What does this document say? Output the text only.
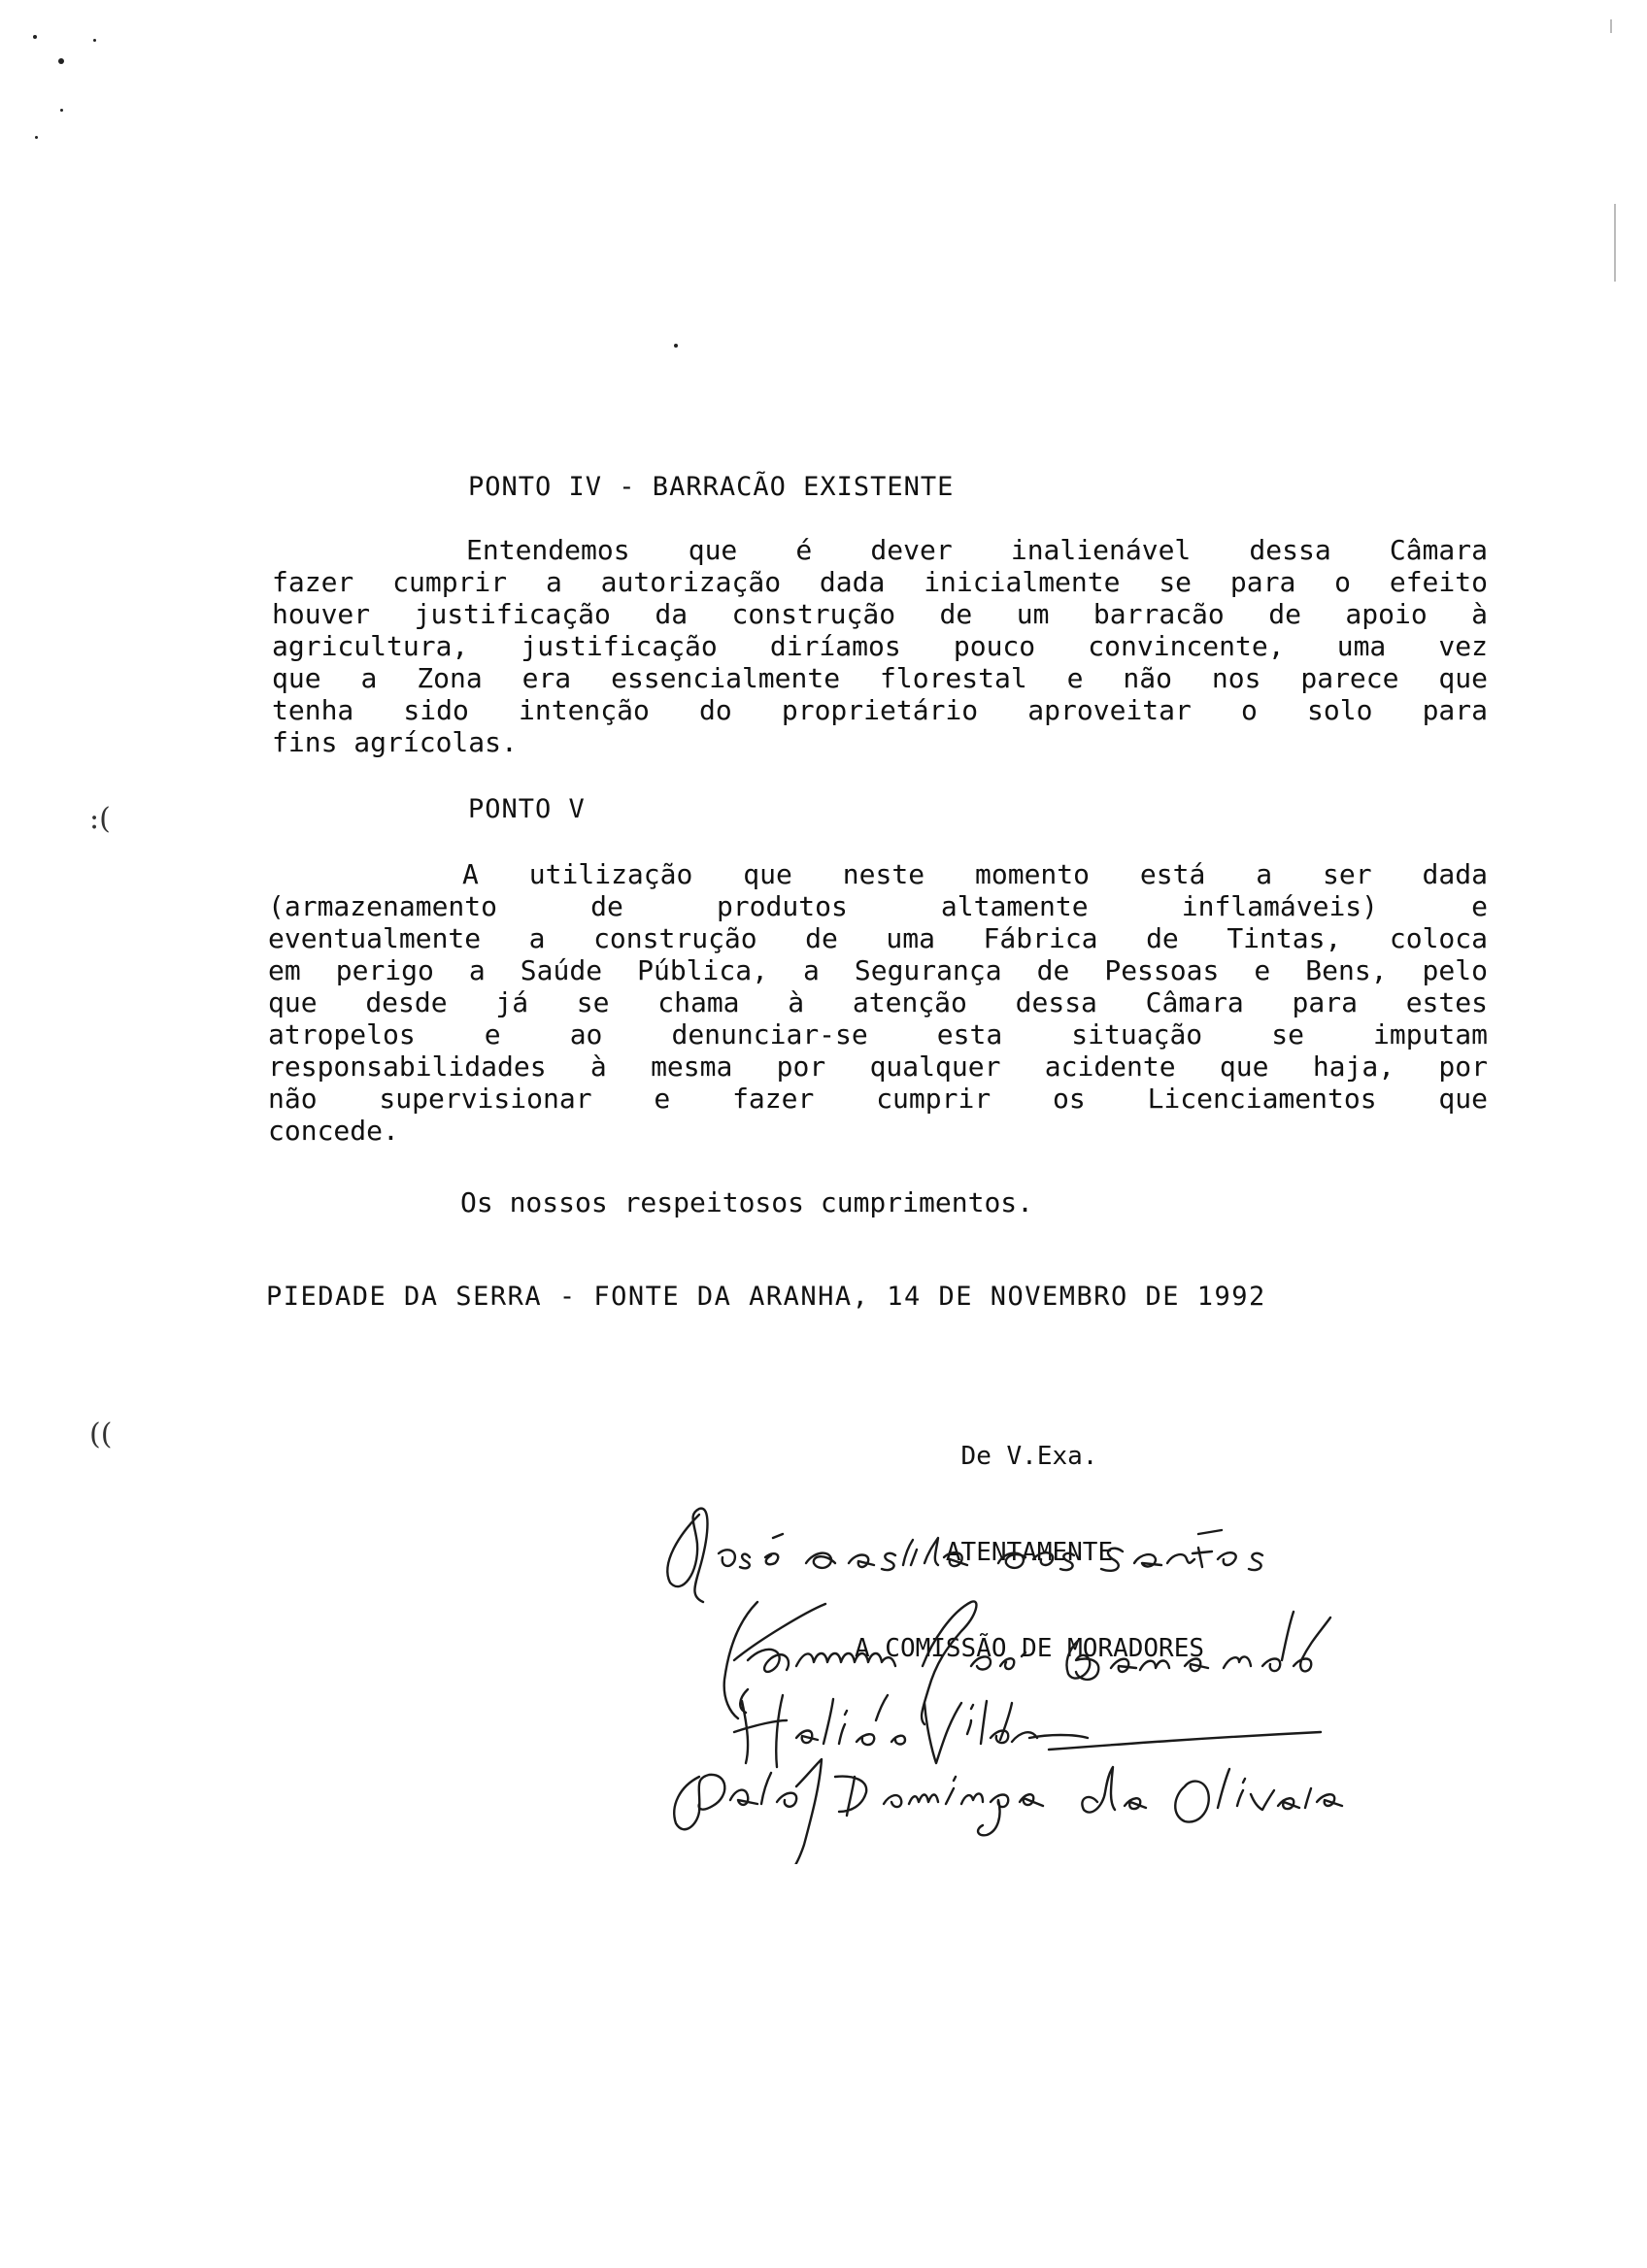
:(
((
PONTO IV - BARRACÃO EXISTENTE
Entendemos que é dever inalienável dessa Câmara
fazer cumprir a autorização dada inicialmente se para o efeito
houver justificação da construção de um barracão de apoio à
agricultura, justificação diríamos pouco convincente, uma vez
que a Zona era essencialmente florestal e não nos parece que
tenha sido intenção do proprietário aproveitar o solo para
fins agrícolas.
PONTO V
A utilização que neste momento está a ser dada
(armazenamento de produtos altamente inflamáveis) e
eventualmente a construção de uma Fábrica de Tintas, coloca
em perigo a Saúde Pública, a Segurança de Pessoas e Bens, pelo
que desde já se chama à atenção dessa Câmara para estes
atropelos e ao denunciar-se esta situação se imputam
responsabilidades à mesma por qualquer acidente que haja, por
não supervisionar e fazer cumprir os Licenciamentos que
concede.
Os nossos respeitosos cumprimentos.
PIEDADE DA SERRA - FONTE DA ARANHA, 14 DE NOVEMBRO DE 1992

De V.Exa.

ATENTAMENTE

A COMISSÃO DE MORADORES
